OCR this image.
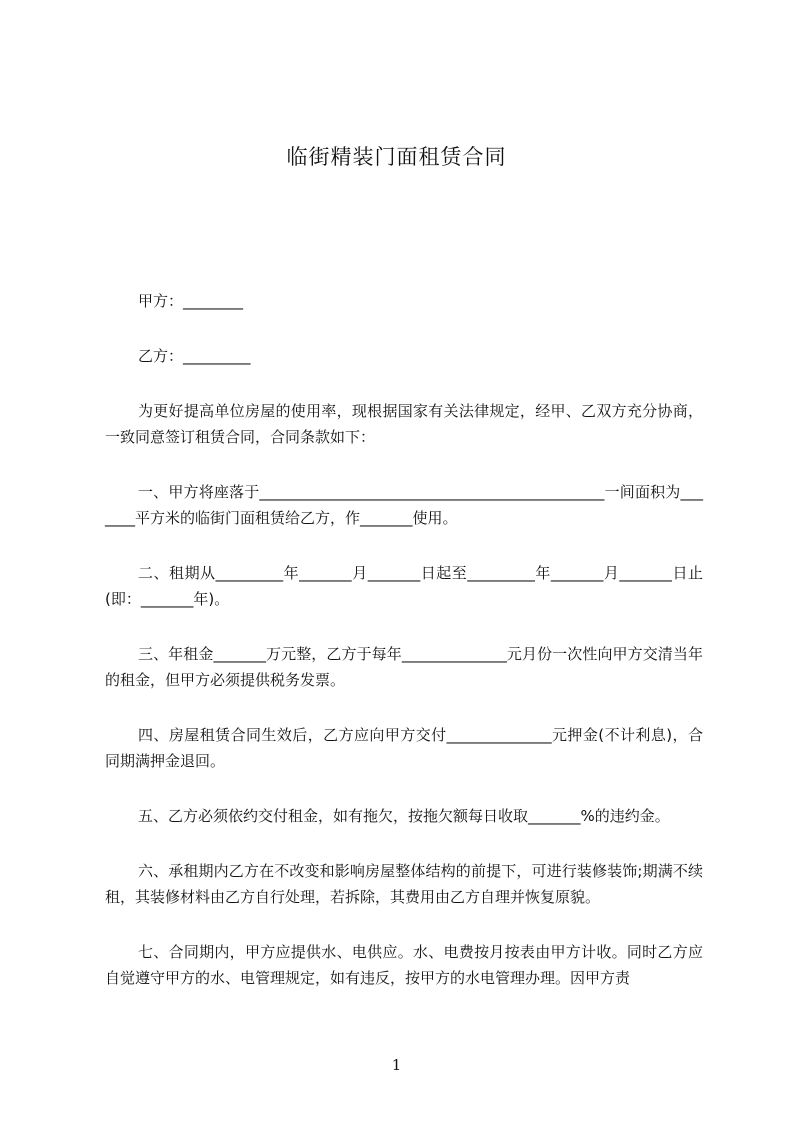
临街精装门面租赁合同

甲方：________

乙方：_________

为更好提高单位房屋的使用率，现根据国家有关法律规定，经甲、乙双方充分协商，一致同意签订租赁合同，合同条款如下：

一、甲方将座落于______________________________________________一间面积为_______平方米的临街门面租赁给乙方，作_______使用。

二、租期从_________年_______月_______日起至_________年_______月_______日止(即：_______年)。

三、年租金_______万元整，乙方于每年______________元月份一次性向甲方交清当年的租金，但甲方必须提供税务发票。

四、房屋租赁合同生效后，乙方应向甲方交付______________元押金(不计利息)，合同期满押金退回。

五、乙方必须依约交付租金，如有拖欠，按拖欠额每日收取_______%的违约金。

六、承租期内乙方在不改变和影响房屋整体结构的前提下，可进行装修装饰;期满不续租，其装修材料由乙方自行处理，若拆除，其费用由乙方自理并恢复原貌。

七、合同期内，甲方应提供水、电供应。水、电费按月按表由甲方计收。同时乙方应自觉遵守甲方的水、电管理规定，如有违反，按甲方的水电管理办理。因甲方责

1
